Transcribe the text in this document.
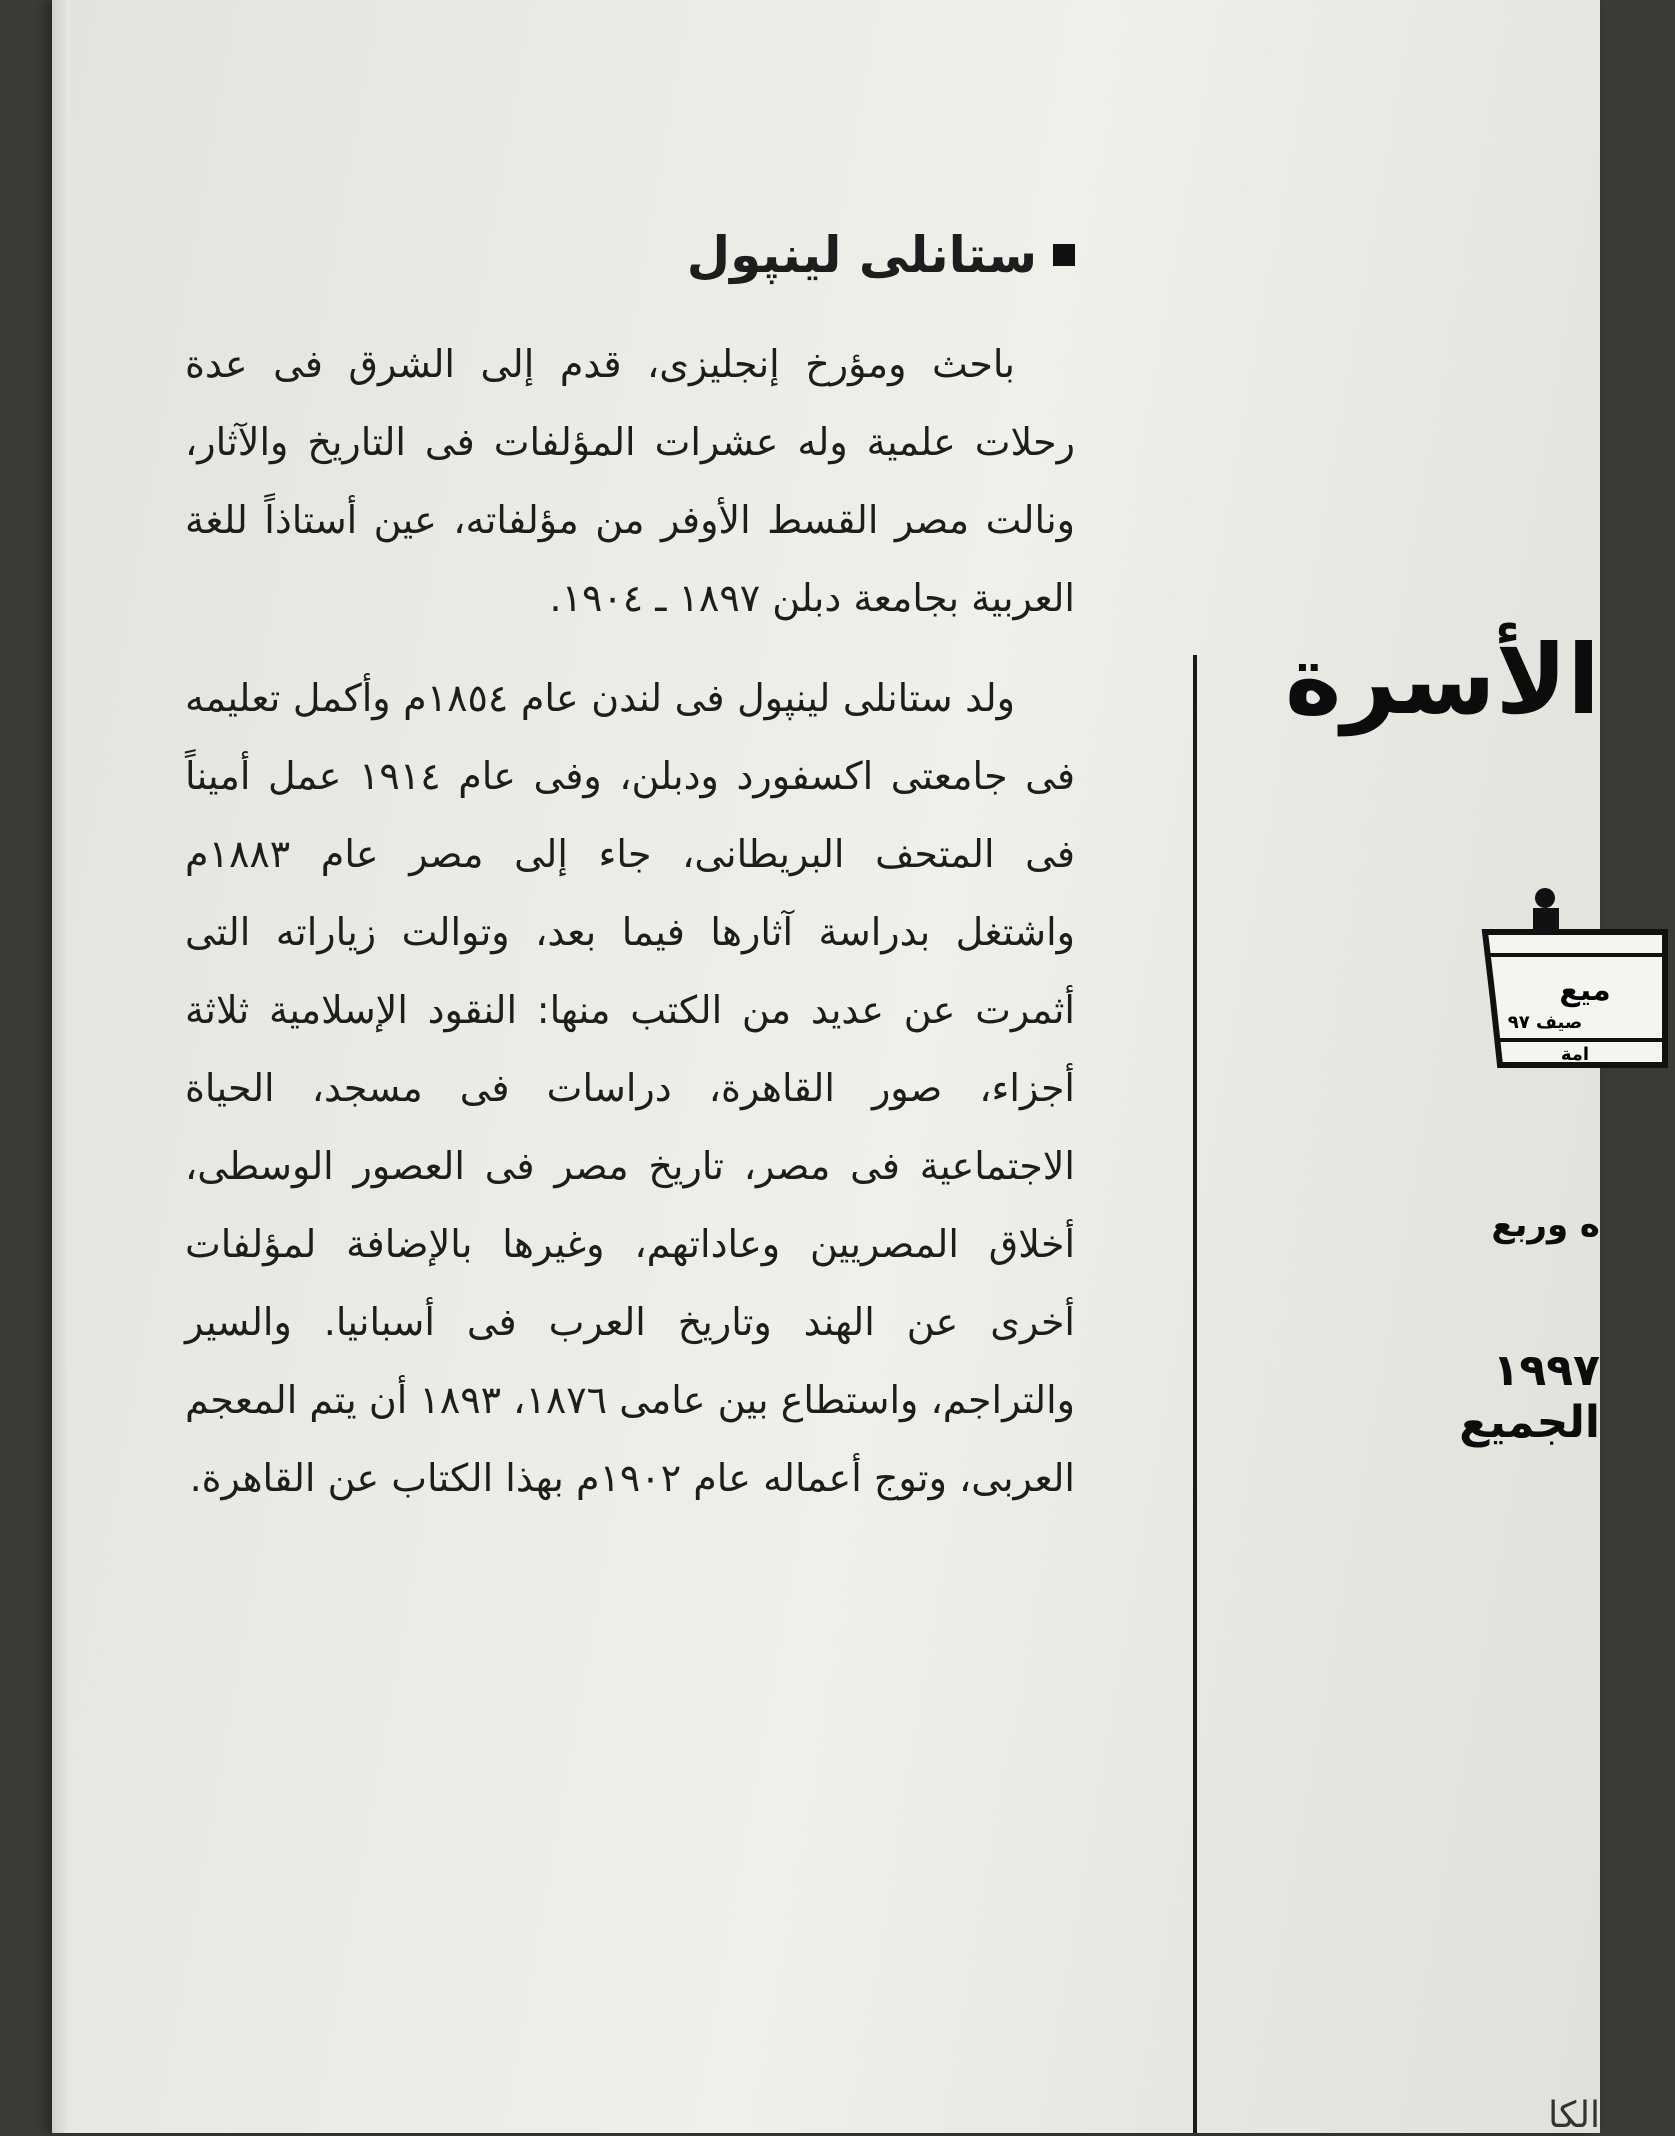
ستانلى لينپول

باحث ومؤرخ إنجليزى، قدم إلى الشرق فى عدة رحلات علمية وله عشرات المؤلفات فى التاريخ والآثار، ونالت مصر القسط الأوفر من مؤلفاته، عين أستاذاً للغة العربية بجامعة دبلن ١٨٩٧ ـ ١٩٠٤.

ولد ستانلى لينپول فى لندن عام ١٨٥٤م وأكمل تعليمه فى جامعتى اكسفورد ودبلن، وفى عام ١٩١٤ عمل أميناً فى المتحف البريطانى، جاء إلى مصر عام ١٨٨٣م واشتغل بدراسة آثارها فيما بعد، وتوالت زياراته التى أثمرت عن عديد من الكتب منها: النقود الإسلامية ثلاثة أجزاء، صور القاهرة، دراسات فى مسجد، الحياة الاجتماعية فى مصر، تاريخ مصر فى العصور الوسطى، أخلاق المصريين وعاداتهم، وغيرها بالإضافة لمؤلفات أخرى عن الهند وتاريخ العرب فى أسبانيا. والسير والتراجم، واستطاع بين عامى ١٨٧٦، ١٨٩٣ أن يتم المعجم العربى، وتوج أعماله عام ١٩٠٢م بهذا الكتاب عن القاهرة.

الأسرة
ميع
صيف ٩٧
امة
ه وربع
١٩٩٧
الجميع
الكا
